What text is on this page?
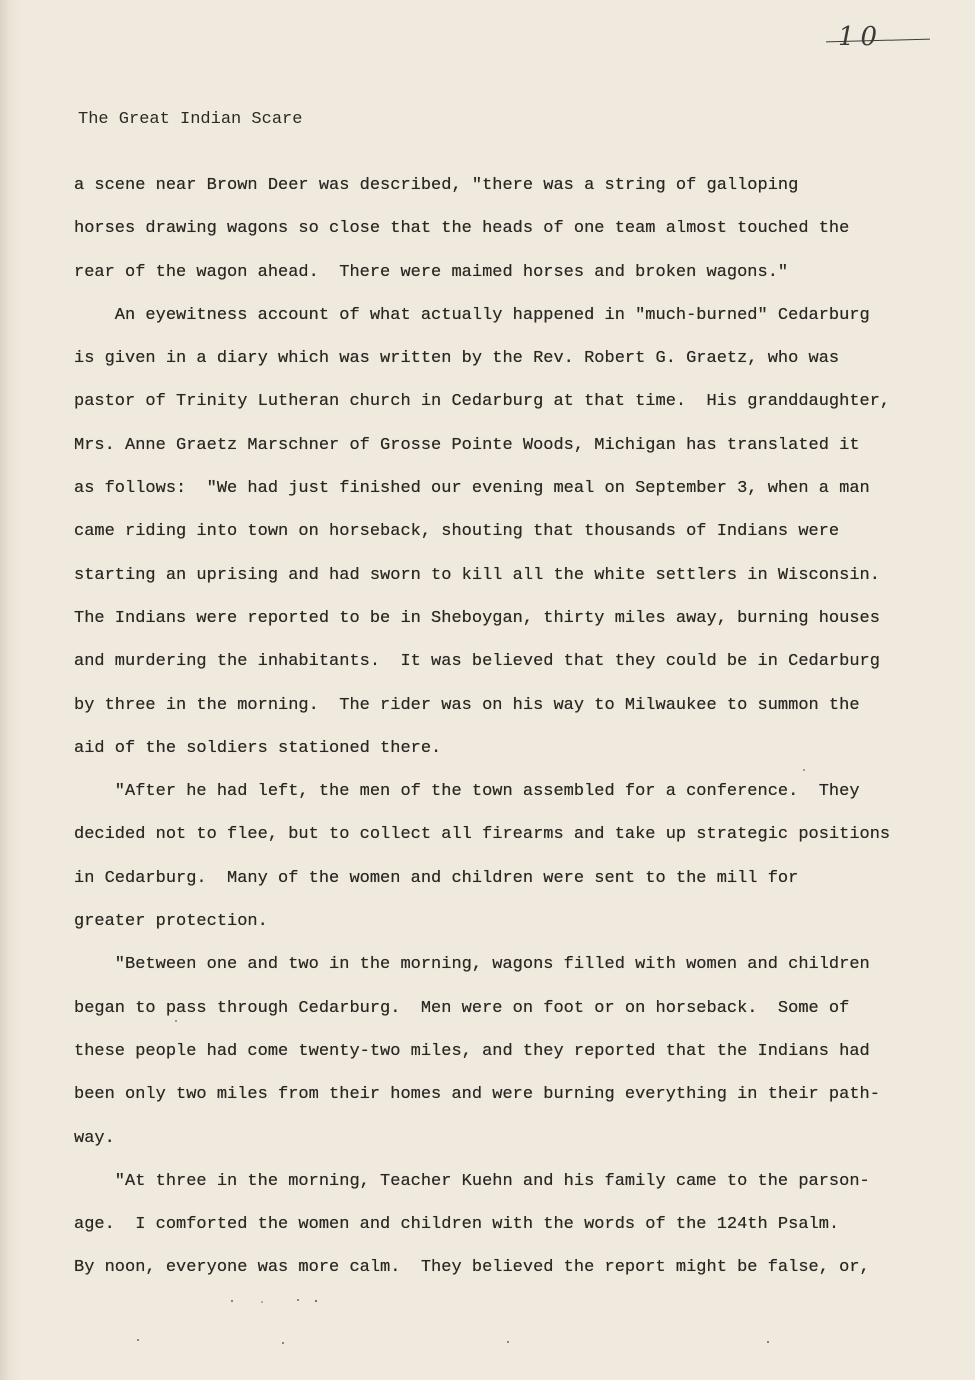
10
The Great Indian Scare
a scene near Brown Deer was described, "there was a string of galloping
horses drawing wagons so close that the heads of one team almost touched the
rear of the wagon ahead.  There were maimed horses and broken wagons."
An eyewitness account of what actually happened in "much-burned" Cedarburg
is given in a diary which was written by the Rev. Robert G. Graetz, who was
pastor of Trinity Lutheran church in Cedarburg at that time.  His granddaughter,
Mrs. Anne Graetz Marschner of Grosse Pointe Woods, Michigan has translated it
as follows:  "We had just finished our evening meal on September 3, when a man
came riding into town on horseback, shouting that thousands of Indians were
starting an uprising and had sworn to kill all the white settlers in Wisconsin.
The Indians were reported to be in Sheboygan, thirty miles away, burning houses
and murdering the inhabitants.  It was believed that they could be in Cedarburg
by three in the morning.  The rider was on his way to Milwaukee to summon the
aid of the soldiers stationed there.
"After he had left, the men of the town assembled for a conference.  They
decided not to flee, but to collect all firearms and take up strategic positions
in Cedarburg.  Many of the women and children were sent to the mill for
greater protection.
"Between one and two in the morning, wagons filled with women and children
began to pass through Cedarburg.  Men were on foot or on horseback.  Some of
these people had come twenty-two miles, and they reported that the Indians had
been only two miles from their homes and were burning everything in their path-
way.
"At three in the morning, Teacher Kuehn and his family came to the parson-
age.  I comforted the women and children with the words of the 124th Psalm.
By noon, everyone was more calm.  They believed the report might be false, or,
